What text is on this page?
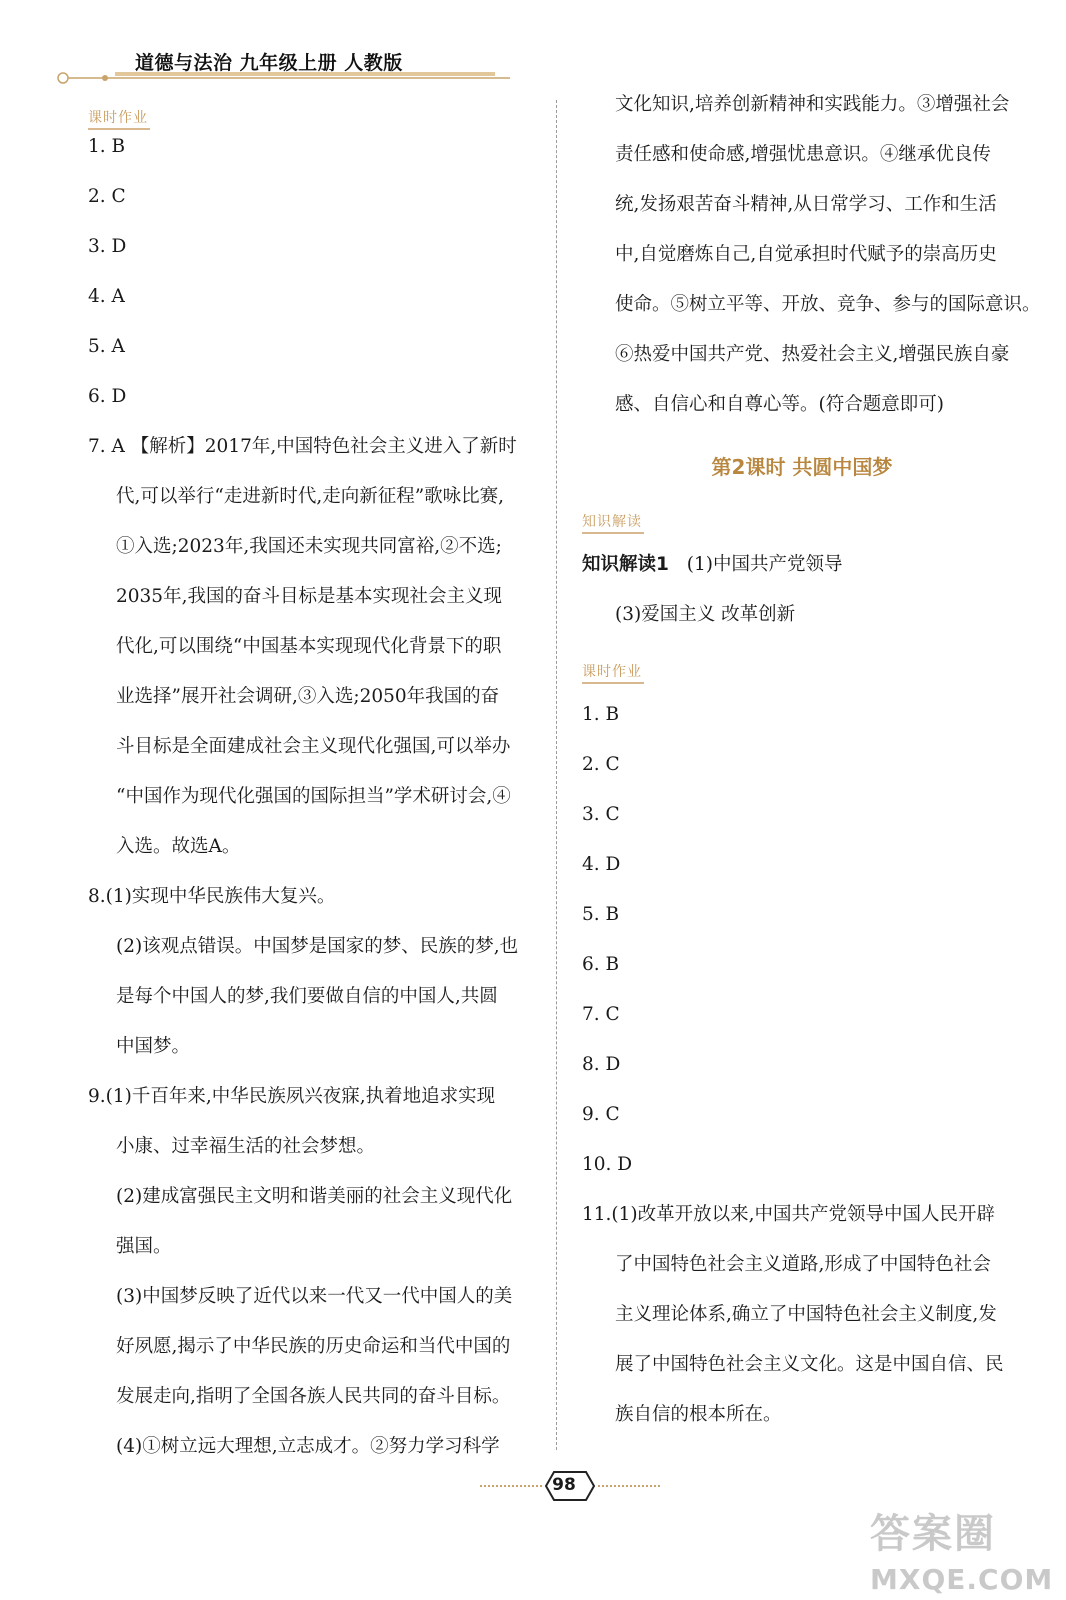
道德与法治 九年级上册 人教版
课时作业
1. B
2. C
3. D
4. A
5. A
6. D
7. A 【解析】2017年,中国特色社会主义进入了新时
代,可以举行“走进新时代,走向新征程”歌咏比赛,
①入选;2023年,我国还未实现共同富裕,②不选;
2035年,我国的奋斗目标是基本实现社会主义现
代化,可以围绕“中国基本实现现代化背景下的职
业选择”展开社会调研,③入选;2050年我国的奋
斗目标是全面建成社会主义现代化强国,可以举办
“中国作为现代化强国的国际担当”学术研讨会,④
入选。故选A。
8.(1)实现中华民族伟大复兴。
(2)该观点错误。中国梦是国家的梦、民族的梦,也
是每个中国人的梦,我们要做自信的中国人,共圆
中国梦。
9.(1)千百年来,中华民族夙兴夜寐,执着地追求实现
小康、过幸福生活的社会梦想。
(2)建成富强民主文明和谐美丽的社会主义现代化
强国。
(3)中国梦反映了近代以来一代又一代中国人的美
好夙愿,揭示了中华民族的历史命运和当代中国的
发展走向,指明了全国各族人民共同的奋斗目标。
(4)①树立远大理想,立志成才。②努力学习科学
文化知识,培养创新精神和实践能力。③增强社会
责任感和使命感,增强忧患意识。④继承优良传
统,发扬艰苦奋斗精神,从日常学习、工作和生活
中,自觉磨炼自己,自觉承担时代赋予的崇高历史
使命。⑤树立平等、开放、竞争、参与的国际意识。
⑥热爱中国共产党、热爱社会主义,增强民族自豪
感、自信心和自尊心等。(符合题意即可)
第2课时 共圆中国梦
知识解读
知识解读1 (1)中国共产党领导
(3)爱国主义 改革创新
课时作业
1. B
2. C
3. C
4. D
5. B
6. B
7. C
8. D
9. C
10. D
11.(1)改革开放以来,中国共产党领导中国人民开辟
了中国特色社会主义道路,形成了中国特色社会
主义理论体系,确立了中国特色社会主义制度,发
展了中国特色社会主义文化。这是中国自信、民
族自信的根本所在。
98
答案圈
MXQE.COM
